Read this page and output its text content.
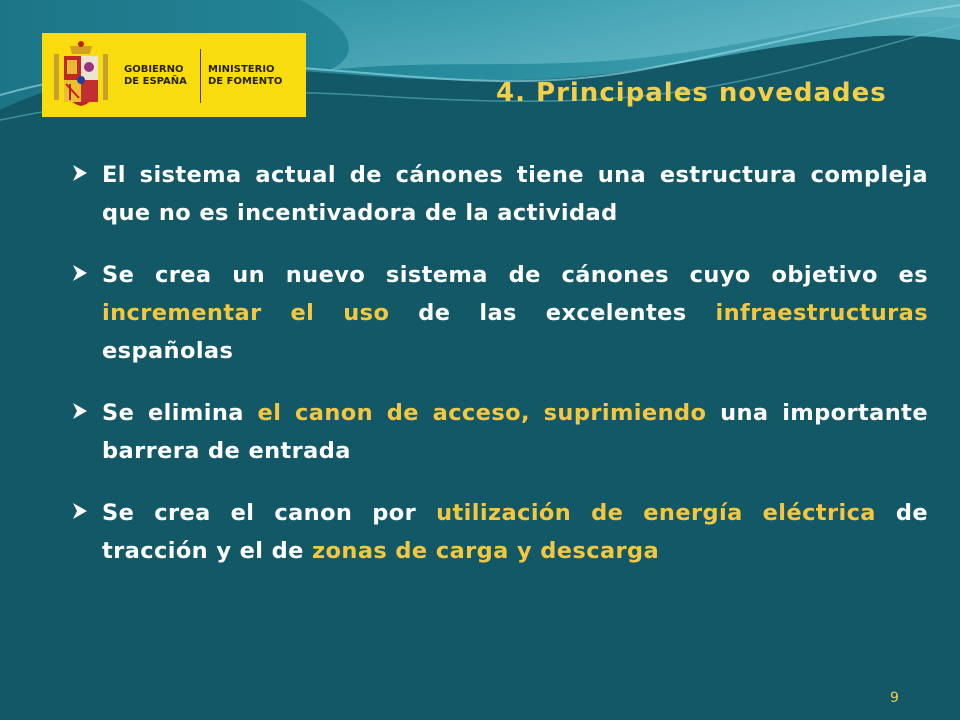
GOBIERNO
DE ESPAÑA
MINISTERIO
DE FOMENTO	4. Principales novedades
El sistema actual de cánones tiene una estructura compleja que no es incentivadora de la actividad
Se crea un nuevo sistema de cánones cuyo objetivo es incrementar el uso de las excelentes infraestructuras españolas
Se elimina el canon de acceso, suprimiendo una importante barrera de entrada
Se crea el canon por utilización de energía eléctrica de tracción y el de zonas de carga y descarga
9
